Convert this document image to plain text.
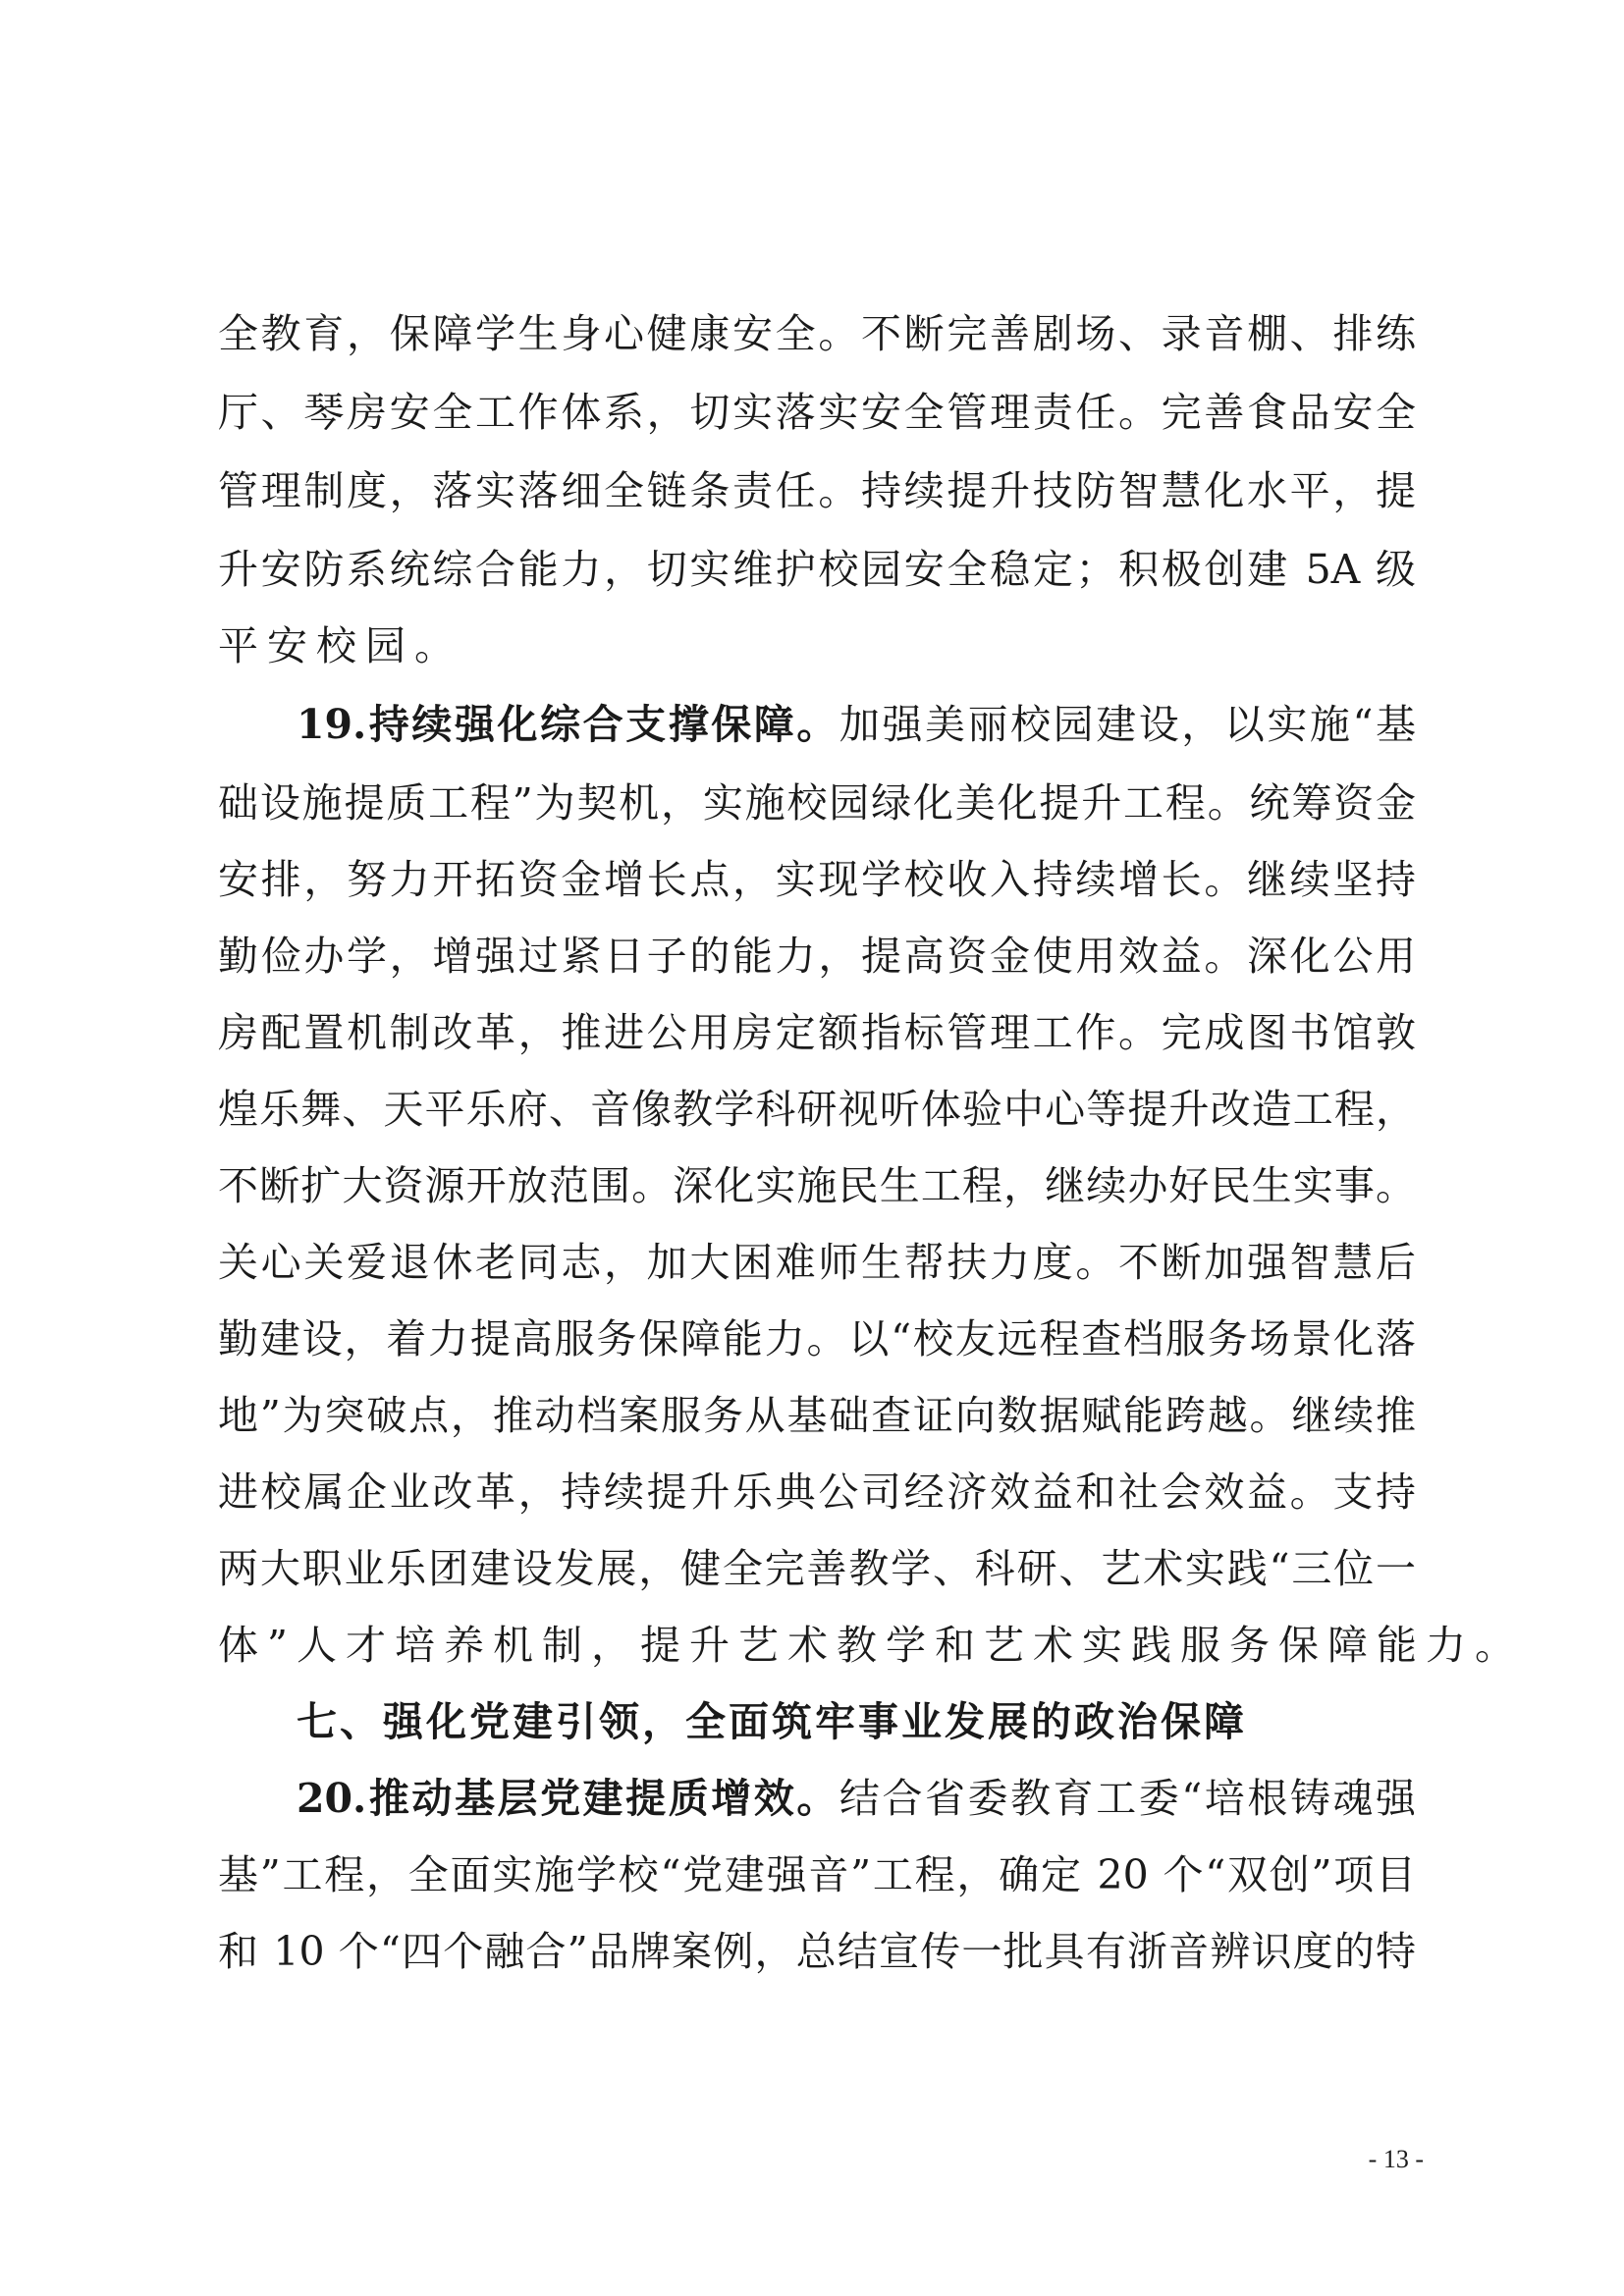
全教育，保障学生身心健康安全。不断完善剧场、录音棚、排练
厅、琴房安全工作体系，切实落实安全管理责任。完善食品安全
管理制度，落实落细全链条责任。持续提升技防智慧化水平，提
升安防系统综合能力，切实维护校园安全稳定；积极创建 5A 级
平安校园。
19.持续强化综合支撑保障。加强美丽校园建设，以实施“基
础设施提质工程”为契机，实施校园绿化美化提升工程。统筹资金
安排，努力开拓资金增长点，实现学校收入持续增长。继续坚持
勤俭办学，增强过紧日子的能力，提高资金使用效益。深化公用
房配置机制改革，推进公用房定额指标管理工作。完成图书馆敦
煌乐舞、天平乐府、音像教学科研视听体验中心等提升改造工程，
不断扩大资源开放范围。深化实施民生工程，继续办好民生实事。
关心关爱退休老同志，加大困难师生帮扶力度。不断加强智慧后
勤建设，着力提高服务保障能力。以“校友远程查档服务场景化落
地”为突破点，推动档案服务从基础查证向数据赋能跨越。继续推
进校属企业改革，持续提升乐典公司经济效益和社会效益。支持
两大职业乐团建设发展，健全完善教学、科研、艺术实践“三位一
体”人才培养机制，提升艺术教学和艺术实践服务保障能力。
七、强化党建引领，全面筑牢事业发展的政治保障
20.推动基层党建提质增效。结合省委教育工委“培根铸魂强
基”工程，全面实施学校“党建强音”工程，确定 20 个“双创”项目
和 10 个“四个融合”品牌案例，总结宣传一批具有浙音辨识度的特
- 13 -
